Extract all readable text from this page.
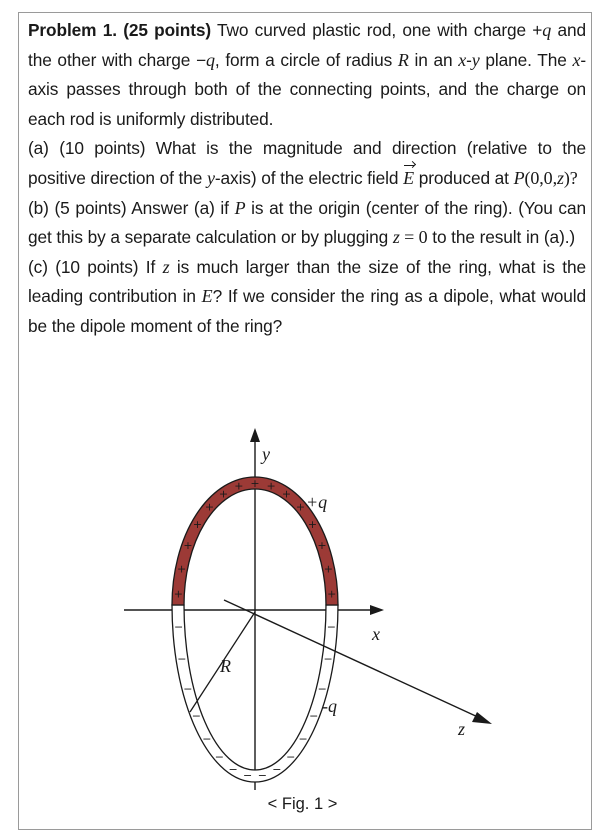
Problem 1. (25 points) Two curved plastic rod, one with charge +q and the other with charge −q, form a circle of radius R in an x-y plane. The x-axis passes through both of the connecting points, and the charge on each rod is uniformly distributed.

(a) (10 points) What is the magnitude and direction (relative to the positive direction of the y-axis) of the electric field E produced at P(0,0,z)?

(b) (5 points) Answer (a) if P is at the origin (center of the ring). (You can get this by a separate calculation or by plugging z = 0 to the result in (a).)

(c) (10 points) If z is much larger than the size of the ring, what is the leading contribution in E? If we consider the ring as a dipole, what would be the dipole moment of the ring?

+
+
+
+
+
+
+
+
+
+
+
+
+
+
+
−
−
−
−
−
−
−
−
−
−
−
−
−
−
−
−
y
x
z
+q
-q
R
< Fig. 1 >
